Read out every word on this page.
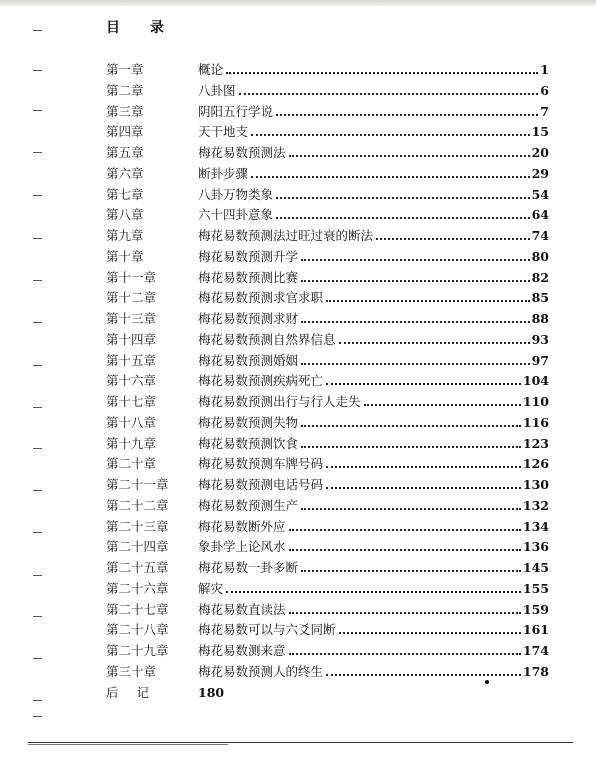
目 录
第一章	概论	1
第二章	八卦图	6
第三章	阴阳五行学说	7
第四章	天干地支	15
第五章	梅花易数预测法	20
第六章	断卦步骤	29
第七章	八卦万物类象	54
第八章	六十四卦意象	64
第九章	梅花易数预测法过旺过衰的断法	74
第十章	梅花易数预测升学	80
第十一章	梅花易数预测比赛	82
第十二章	梅花易数预测求官求职	85
第十三章	梅花易数预测求财	88
第十四章	梅花易数预测自然界信息	93
第十五章	梅花易数预测婚姻	97
第十六章	梅花易数预测疾病死亡	104
第十七章	梅花易数预测出行与行人走失	110
第十八章	梅花易数预测失物	116
第十九章	梅花易数预测饮食	123
第二十章	梅花易数预测车牌号码	126
第二十一章	梅花易数预测电话号码	130
第二十二章	梅花易数预测生产	132
第二十三章	梅花易数断外应	134
第二十四章	象卦学上论风水	136
第二十五章	梅花易数一卦多断	145
第二十六章	解灾	155
第二十七章	梅花易数直读法	159
第二十八章	梅花易数可以与六爻同断	161
第二十九章	梅花易数测来意	174
第三十章	梅花易数预测人的终生	178
后记	180
